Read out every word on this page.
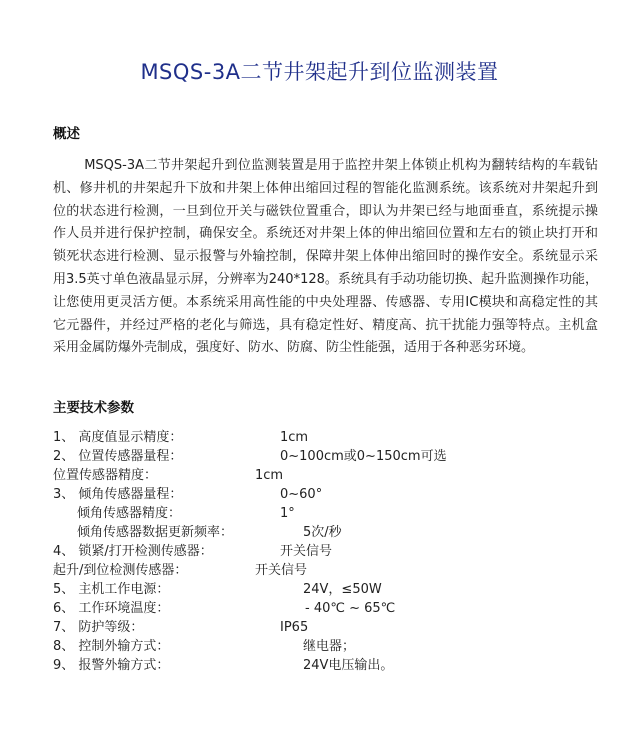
MSQS-3A二节井架起升到位监测装置
概述
MSQS-3A二节井架起升到位监测装置是用于监控井架上体锁止机构为翻转结构的车载钻机、修井机的井架起升下放和井架上体伸出缩回过程的智能化监测系统。该系统对井架起升到位的状态进行检测，一旦到位开关与磁铁位置重合，即认为井架已经与地面垂直，系统提示操作人员并进行保护控制，确保安全。系统还对井架上体的伸出缩回位置和左右的锁止块打开和锁死状态进行检测、显示报警与外输控制，保障井架上体伸出缩回时的操作安全。系统显示采用3.5英寸单色液晶显示屏，分辨率为240*128。系统具有手动功能切换、起升监测操作功能，让您使用更灵活方便。本系统采用高性能的中央处理器、传感器、专用IC模块和高稳定性的其它元器件，并经过严格的老化与筛选，具有稳定性好、精度高、抗干扰能力强等特点。主机盒采用金属防爆外壳制成，强度好、防水、防腐、防尘性能强，适用于各种恶劣环境。
主要技术参数
1、 高度值显示精度：	1cm
2、 位置传感器量程：	0~100cm或0~150cm可选
位置传感器精度：	1cm
3、 倾角传感器量程：	0~60°
倾角传感器精度：	1°
倾角传感器数据更新频率：	5次/秒
4、 锁紧/打开检测传感器：	开关信号
起升/到位检测传感器：	开关信号
5、 主机工作电源：	24V，≤50W
6、 工作环境温度：	- 40℃ ~ 65℃
7、 防护等级：	IP65
8、 控制外输方式：	继电器；
9、 报警外输方式：	24V电压输出。
